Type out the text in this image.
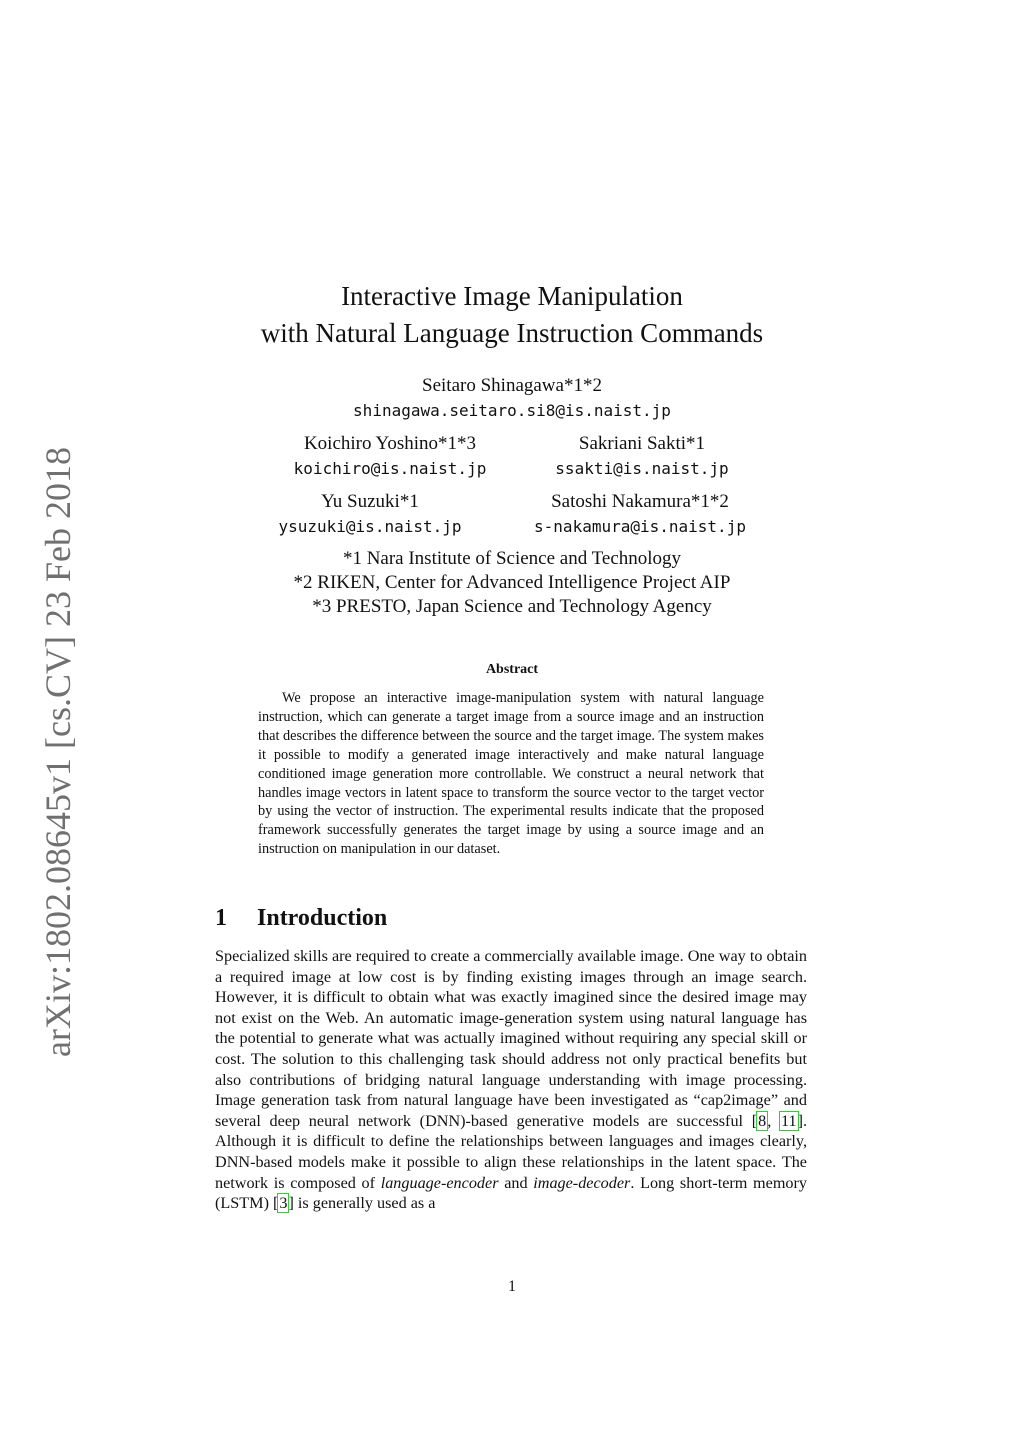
arXiv:1802.08645v1 [cs.CV] 23 Feb 2018
Interactive Image Manipulation
with Natural Language Instruction Commands
Seitaro Shinagawa*1*2
shinagawa.seitaro.si8@is.naist.jp
Koichiro Yoshino*1*3
koichiro@is.naist.jp
Sakriani Sakti*1
ssakti@is.naist.jp
Yu Suzuki*1
ysuzuki@is.naist.jp
Satoshi Nakamura*1*2
s-nakamura@is.naist.jp
*1 Nara Institute of Science and Technology
*2 RIKEN, Center for Advanced Intelligence Project AIP
*3 PRESTO, Japan Science and Technology Agency
Abstract
We propose an interactive image-manipulation system with natural language instruction, which can generate a target image from a source image and an instruction that describes the difference between the source and the target image. The system makes it possible to modify a generated image interactively and make natural language conditioned image generation more controllable. We construct a neural network that handles image vectors in latent space to transform the source vector to the target vector by using the vector of instruction. The experimental results indicate that the proposed framework successfully generates the target image by using a source image and an instruction on manipulation in our dataset.
1 Introduction
Specialized skills are required to create a commercially available image. One way to obtain a required image at low cost is by finding existing images through an image search. However, it is difficult to obtain what was exactly imagined since the desired image may not exist on the Web. An automatic image-generation system using natural language has the potential to generate what was actually imagined without requiring any special skill or cost. The solution to this challenging task should address not only practical benefits but also contributions of bridging natural language understanding with image processing. Image generation task from natural language have been investigated as “cap2image” and several deep neural network (DNN)-based generative models are successful [8, 11]. Although it is difficult to define the relationships between languages and images clearly, DNN-based models make it possible to align these relationships in the latent space. The network is composed of language-encoder and image-decoder. Long short-term memory (LSTM) [3] is generally used as a
1
